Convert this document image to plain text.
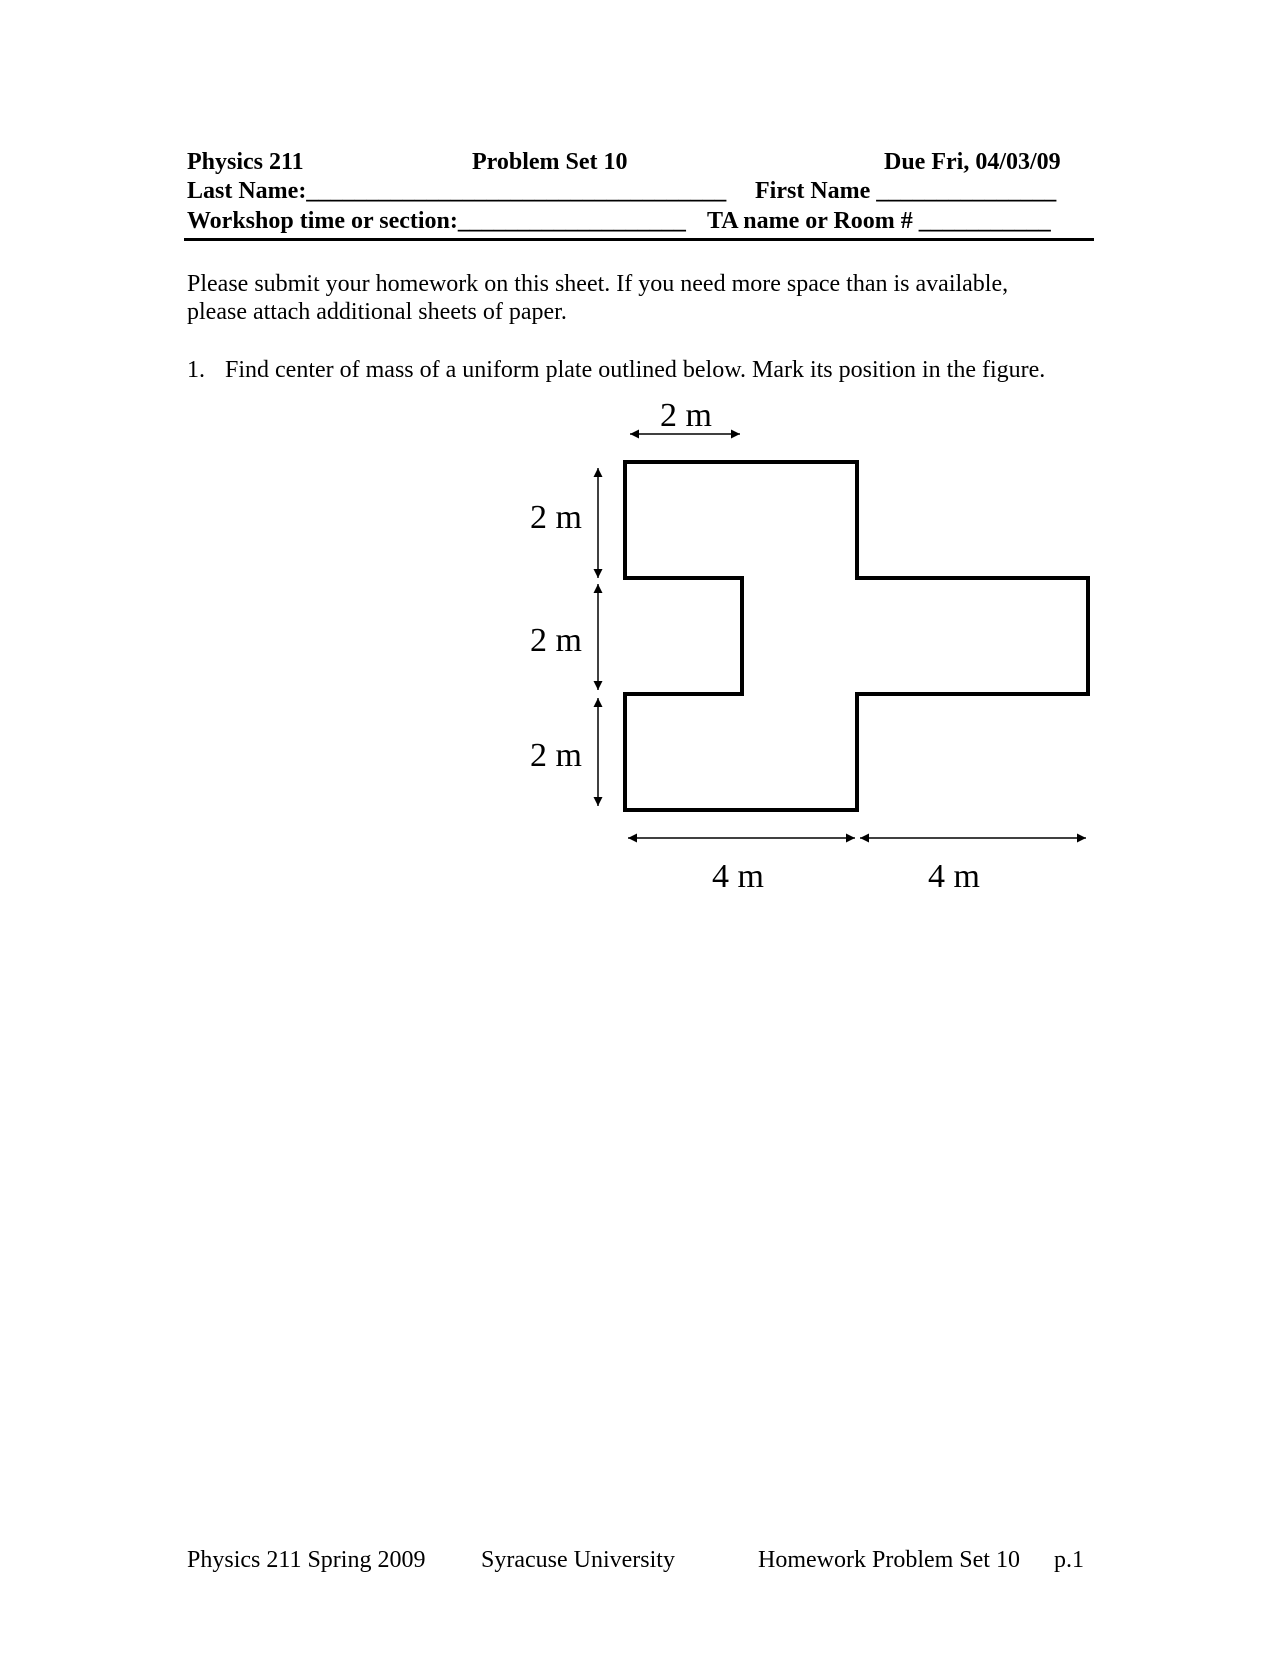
Physics 211	Problem Set 10	Due Fri, 04/03/09
Last Name:___________________________________ First Name _______________
Workshop time or section:___________________ TA name or Room # ___________
Please submit your homework on this sheet. If you need more space than is available,
please attach additional sheets of paper.
1. Find center of mass of a uniform plate outlined below. Mark its position in the figure.
2 m
2 m
2 m
2 m
4 m	4 m
Physics 211 Spring 2009 Syracuse University	Homework Problem Set 10 p.1
